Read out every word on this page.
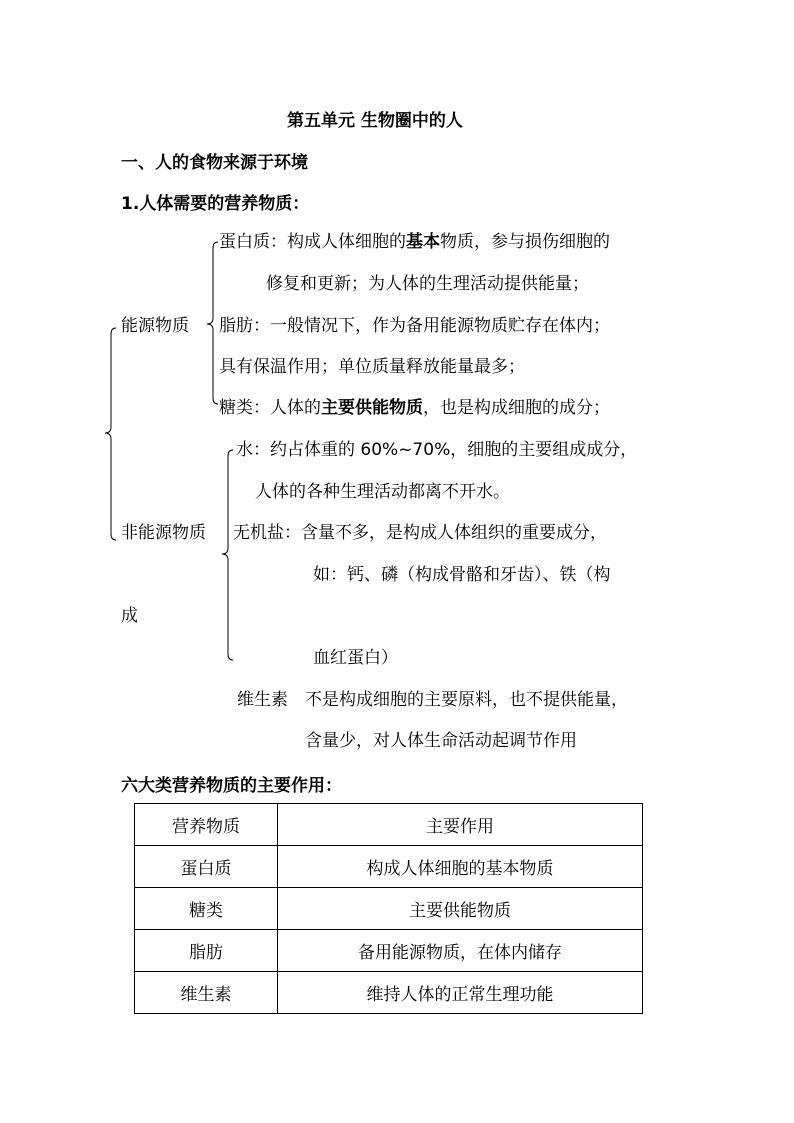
第五单元 生物圈中的人
一、人的食物来源于环境
1.人体需要的营养物质：
能源物质
蛋白质：构成人体细胞的基本物质，参与损伤细胞的
修复和更新；为人体的生理活动提供能量；
脂肪：一般情况下，作为备用能源物质贮存在体内；
具有保温作用；单位质量释放能量最多；
糖类：人体的主要供能物质，也是构成细胞的成分；
非能源物质
水：约占体重的 60%~70%，细胞的主要组成成分，
人体的各种生理活动都离不开水。
无机盐：含量不多，是构成人体组织的重要成分，
如：钙、磷（构成骨骼和牙齿）、铁（构
成
血红蛋白）
维生素 不是构成细胞的主要原料，也不提供能量，
含量少，对人体生命活动起调节作用
六大类营养物质的主要作用：
营养物质	主要作用
蛋白质	构成人体细胞的基本物质
糖类	主要供能物质
脂肪	备用能源物质，在体内储存
维生素	维持人体的正常生理功能
